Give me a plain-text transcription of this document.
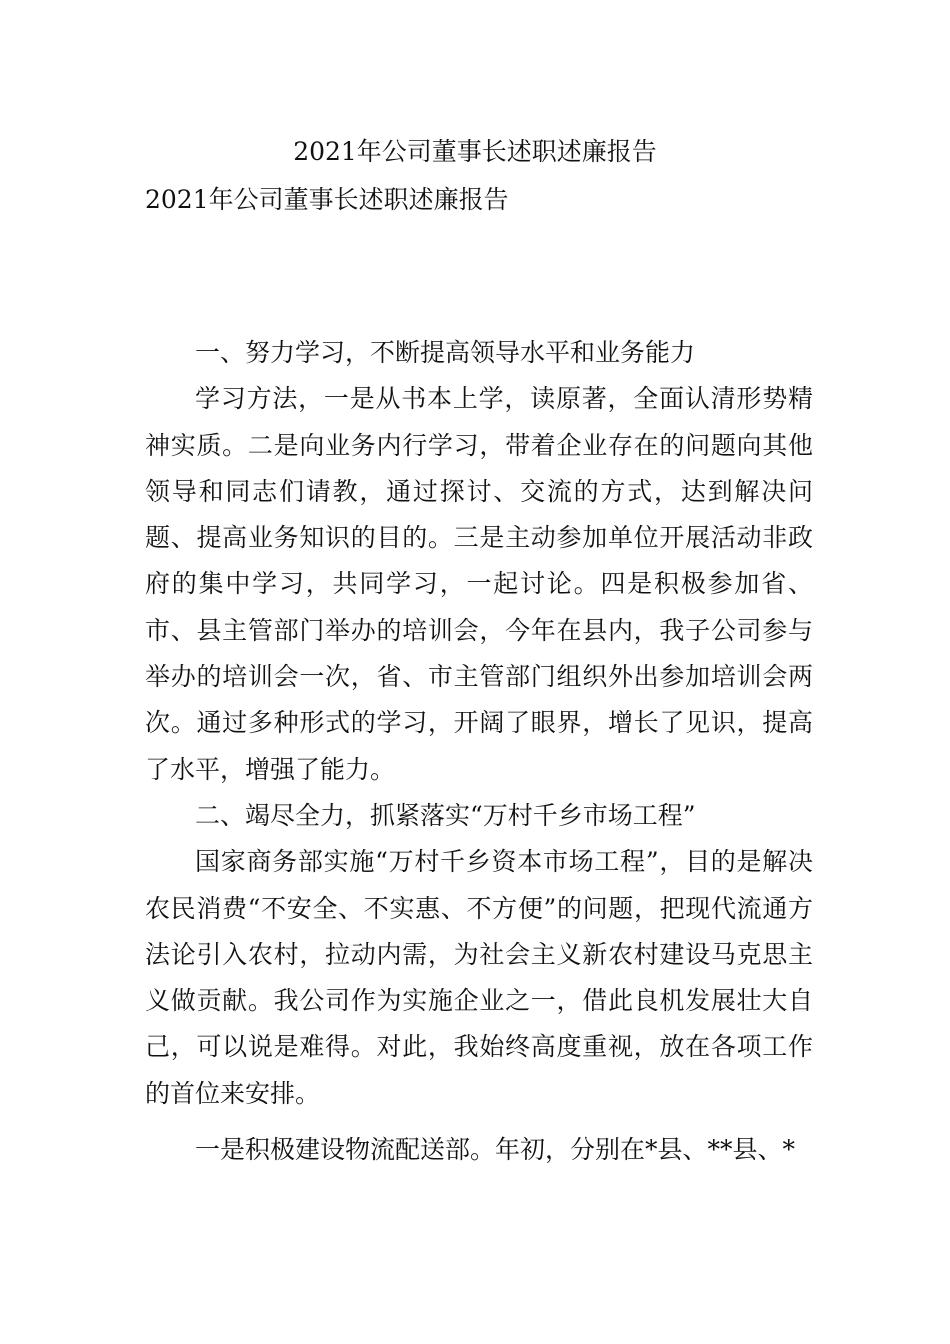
2021年公司董事长述职述廉报告
2021年公司董事长述职述廉报告

一、努力学习，不断提高领导水平和业务能力

学习方法，一是从书本上学，读原著，全面认清形势精神实质。二是向业务内行学习，带着企业存在的问题向其他领导和同志们请教，通过探讨、交流的方式，达到解决问题、提高业务知识的目的。三是主动参加单位开展活动非政府的集中学习，共同学习，一起讨论。四是积极参加省、市、县主管部门举办的培训会，今年在县内，我子公司参与举办的培训会一次，省、市主管部门组织外出参加培训会两次。通过多种形式的学习，开阔了眼界，增长了见识，提高了水平，增强了能力。

二、竭尽全力，抓紧落实“万村千乡市场工程”

国家商务部实施“万村千乡资本市场工程”，目的是解决农民消费“不安全、不实惠、不方便”的问题，把现代流通方法论引入农村，拉动内需，为社会主义新农村建设马克思主义做贡献。我公司作为实施企业之一，借此良机发展壮大自己，可以说是难得。对此，我始终高度重视，放在各项工作的首位来安排。

一是积极建设物流配送部。年初，分别在*县、**县、*
